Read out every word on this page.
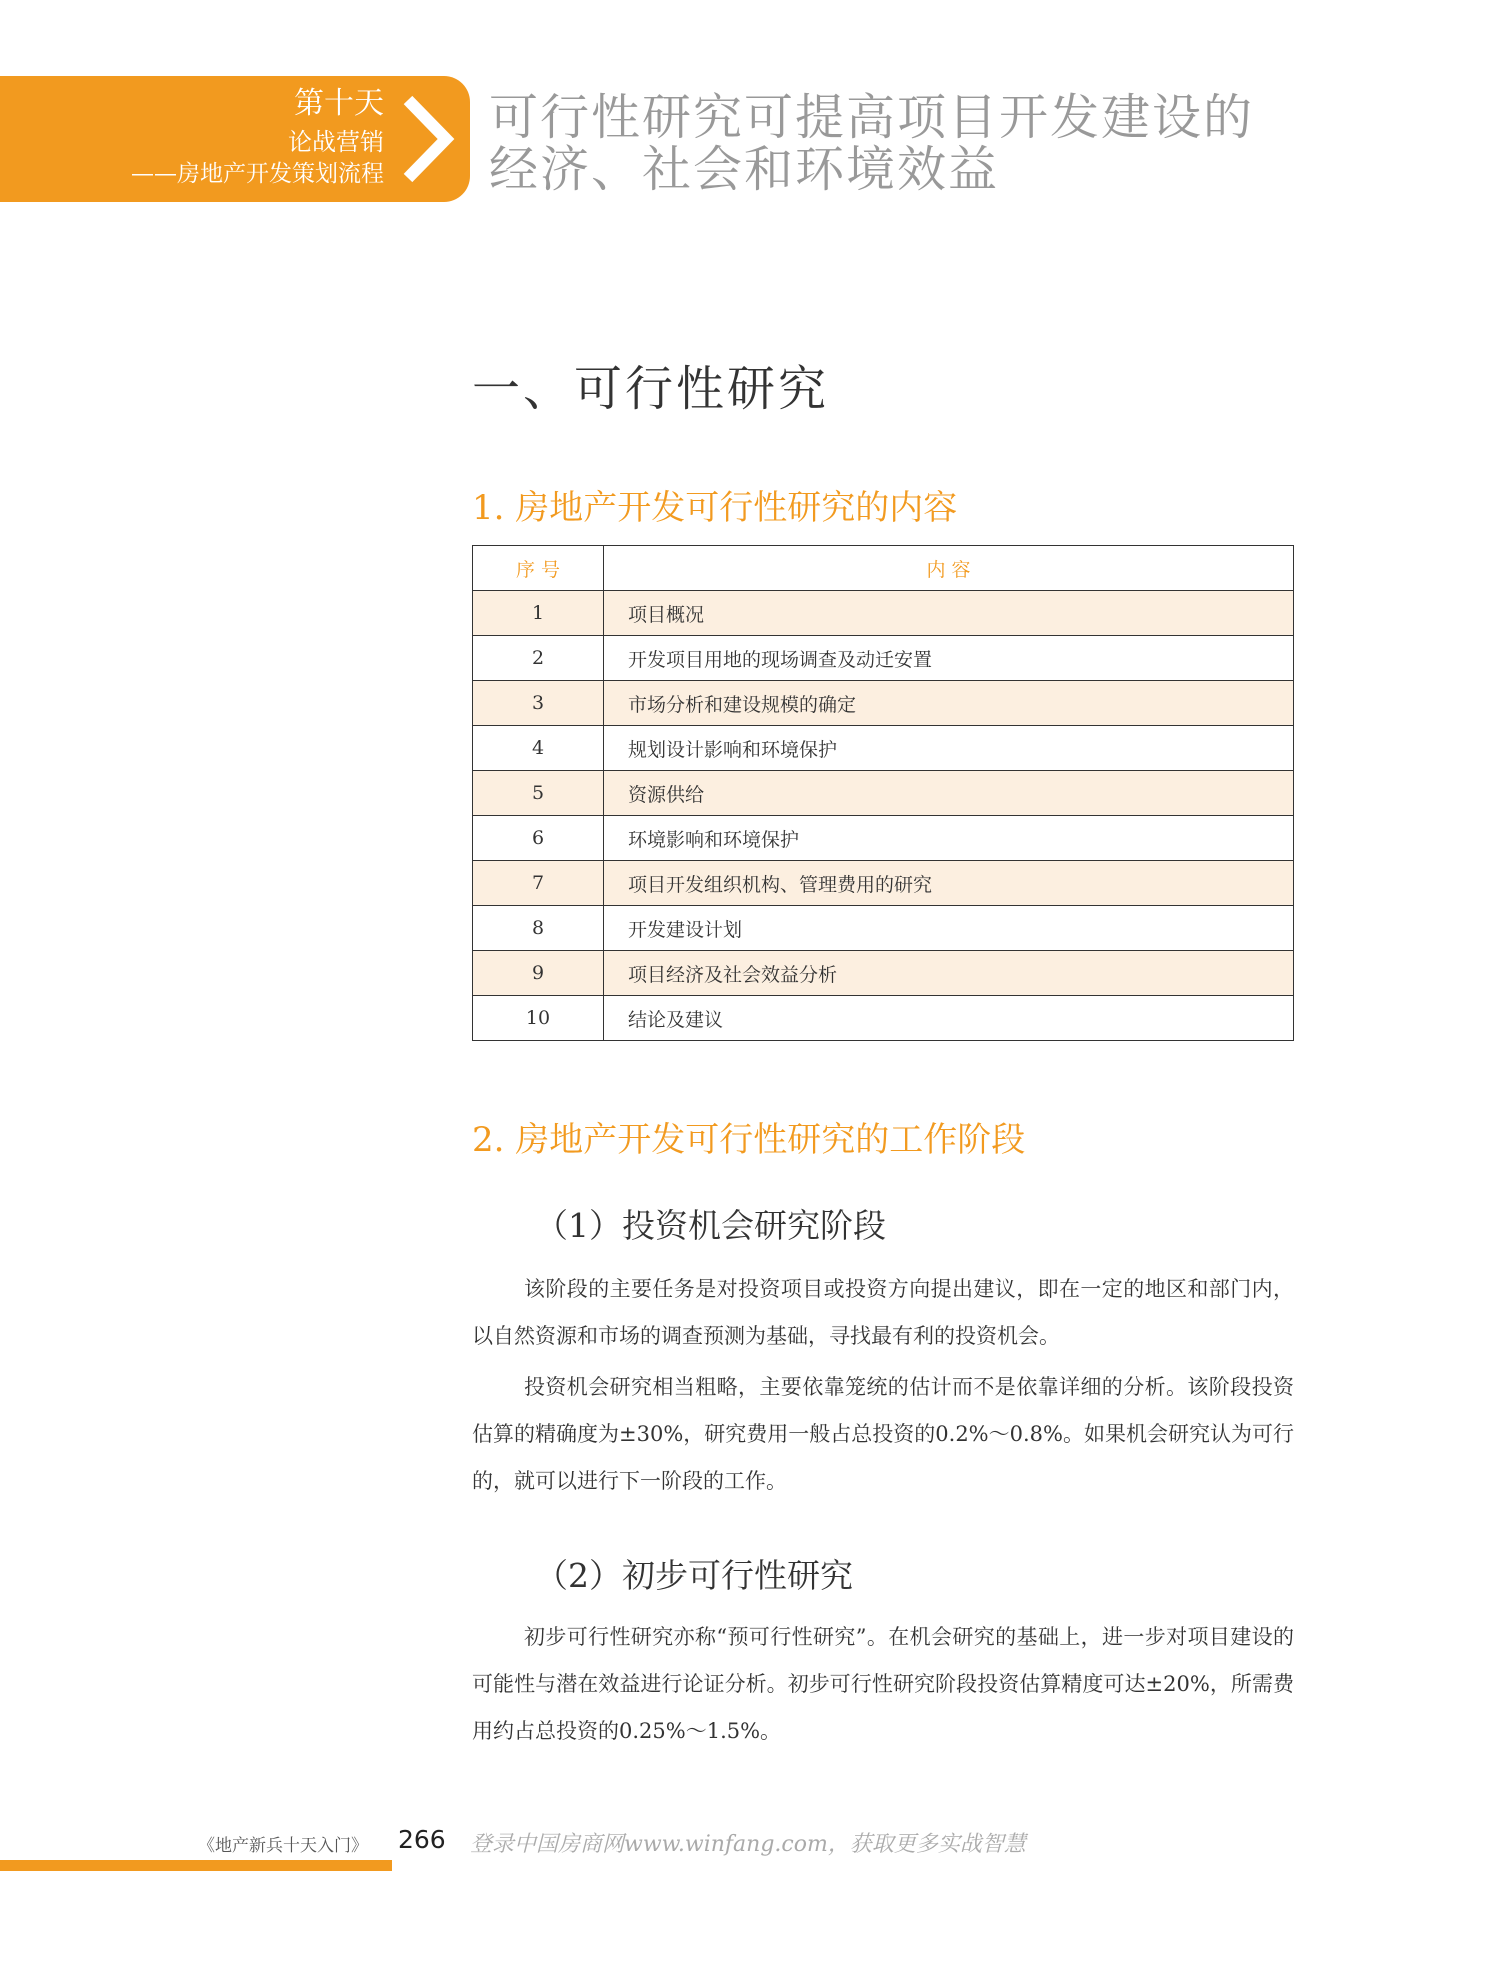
第十天
论战营销
——房地产开发策划流程
可行性研究可提高项目开发建设的
经济、社会和环境效益
一、可行性研究
1. 房地产开发可行性研究的内容
序 号	内 容
1	项目概况
2	开发项目用地的现场调查及动迁安置
3	市场分析和建设规模的确定
4	规划设计影响和环境保护
5	资源供给
6	环境影响和环境保护
7	项目开发组织机构、管理费用的研究
8	开发建设计划
9	项目经济及社会效益分析
10	结论及建议
2. 房地产开发可行性研究的工作阶段
（1）投资机会研究阶段

该阶段的主要任务是对投资项目或投资方向提出建议，即在一定的地区和部门内，以自然资源和市场的调查预测为基础，寻找最有利的投资机会。

投资机会研究相当粗略，主要依靠笼统的估计而不是依靠详细的分析。该阶段投资估算的精确度为±30%，研究费用一般占总投资的0.2%～0.8%。如果机会研究认为可行的，就可以进行下一阶段的工作。

（2）初步可行性研究

初步可行性研究亦称“预可行性研究”。在机会研究的基础上，进一步对项目建设的可能性与潜在效益进行论证分析。初步可行性研究阶段投资估算精度可达±20%，所需费用约占总投资的0.25%～1.5%。

《地产新兵十天入门》 266 登录中国房商网www.winfang.com，获取更多实战智慧
